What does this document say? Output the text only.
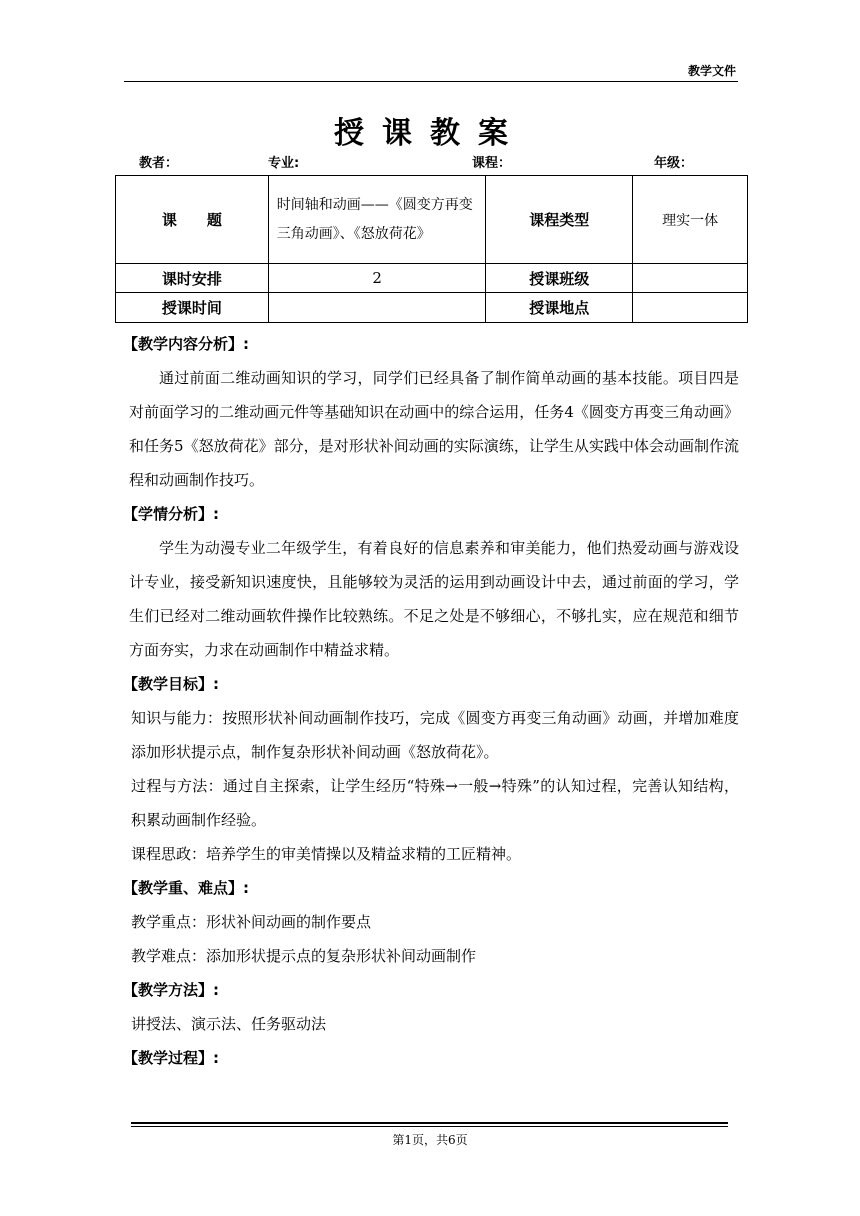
教学文件
授课教案
教者：	专业:	课程：	年级：
课　　题	时间轴和动画——《圆变方再变三角动画》、《怒放荷花》	课程类型	理实一体
课时安排	2	授课班级	
授课时间		授课地点	

【教学内容分析】:

通过前面二维动画知识的学习，同学们已经具备了制作简单动画的基本技能。项目四是对前面学习的二维动画元件等基础知识在动画中的综合运用，任务4《圆变方再变三角动画》和任务5《怒放荷花》部分，是对形状补间动画的实际演练，让学生从实践中体会动画制作流程和动画制作技巧。

【学情分析】:

学生为动漫专业二年级学生，有着良好的信息素养和审美能力，他们热爱动画与游戏设计专业，接受新知识速度快，且能够较为灵活的运用到动画设计中去，通过前面的学习，学生们已经对二维动画软件操作比较熟练。不足之处是不够细心，不够扎实，应在规范和细节方面夯实，力求在动画制作中精益求精。

【教学目标】:

知识与能力：按照形状补间动画制作技巧，完成《圆变方再变三角动画》动画，并增加难度添加形状提示点，制作复杂形状补间动画《怒放荷花》。

过程与方法：通过自主探索，让学生经历“特殊→一般→特殊”的认知过程，完善认知结构，积累动画制作经验。

课程思政：培养学生的审美情操以及精益求精的工匠精神。

【教学重、难点】:

教学重点：形状补间动画的制作要点

教学难点：添加形状提示点的复杂形状补间动画制作

【教学方法】:

讲授法、演示法、任务驱动法

【教学过程】:

第1页，共6页
